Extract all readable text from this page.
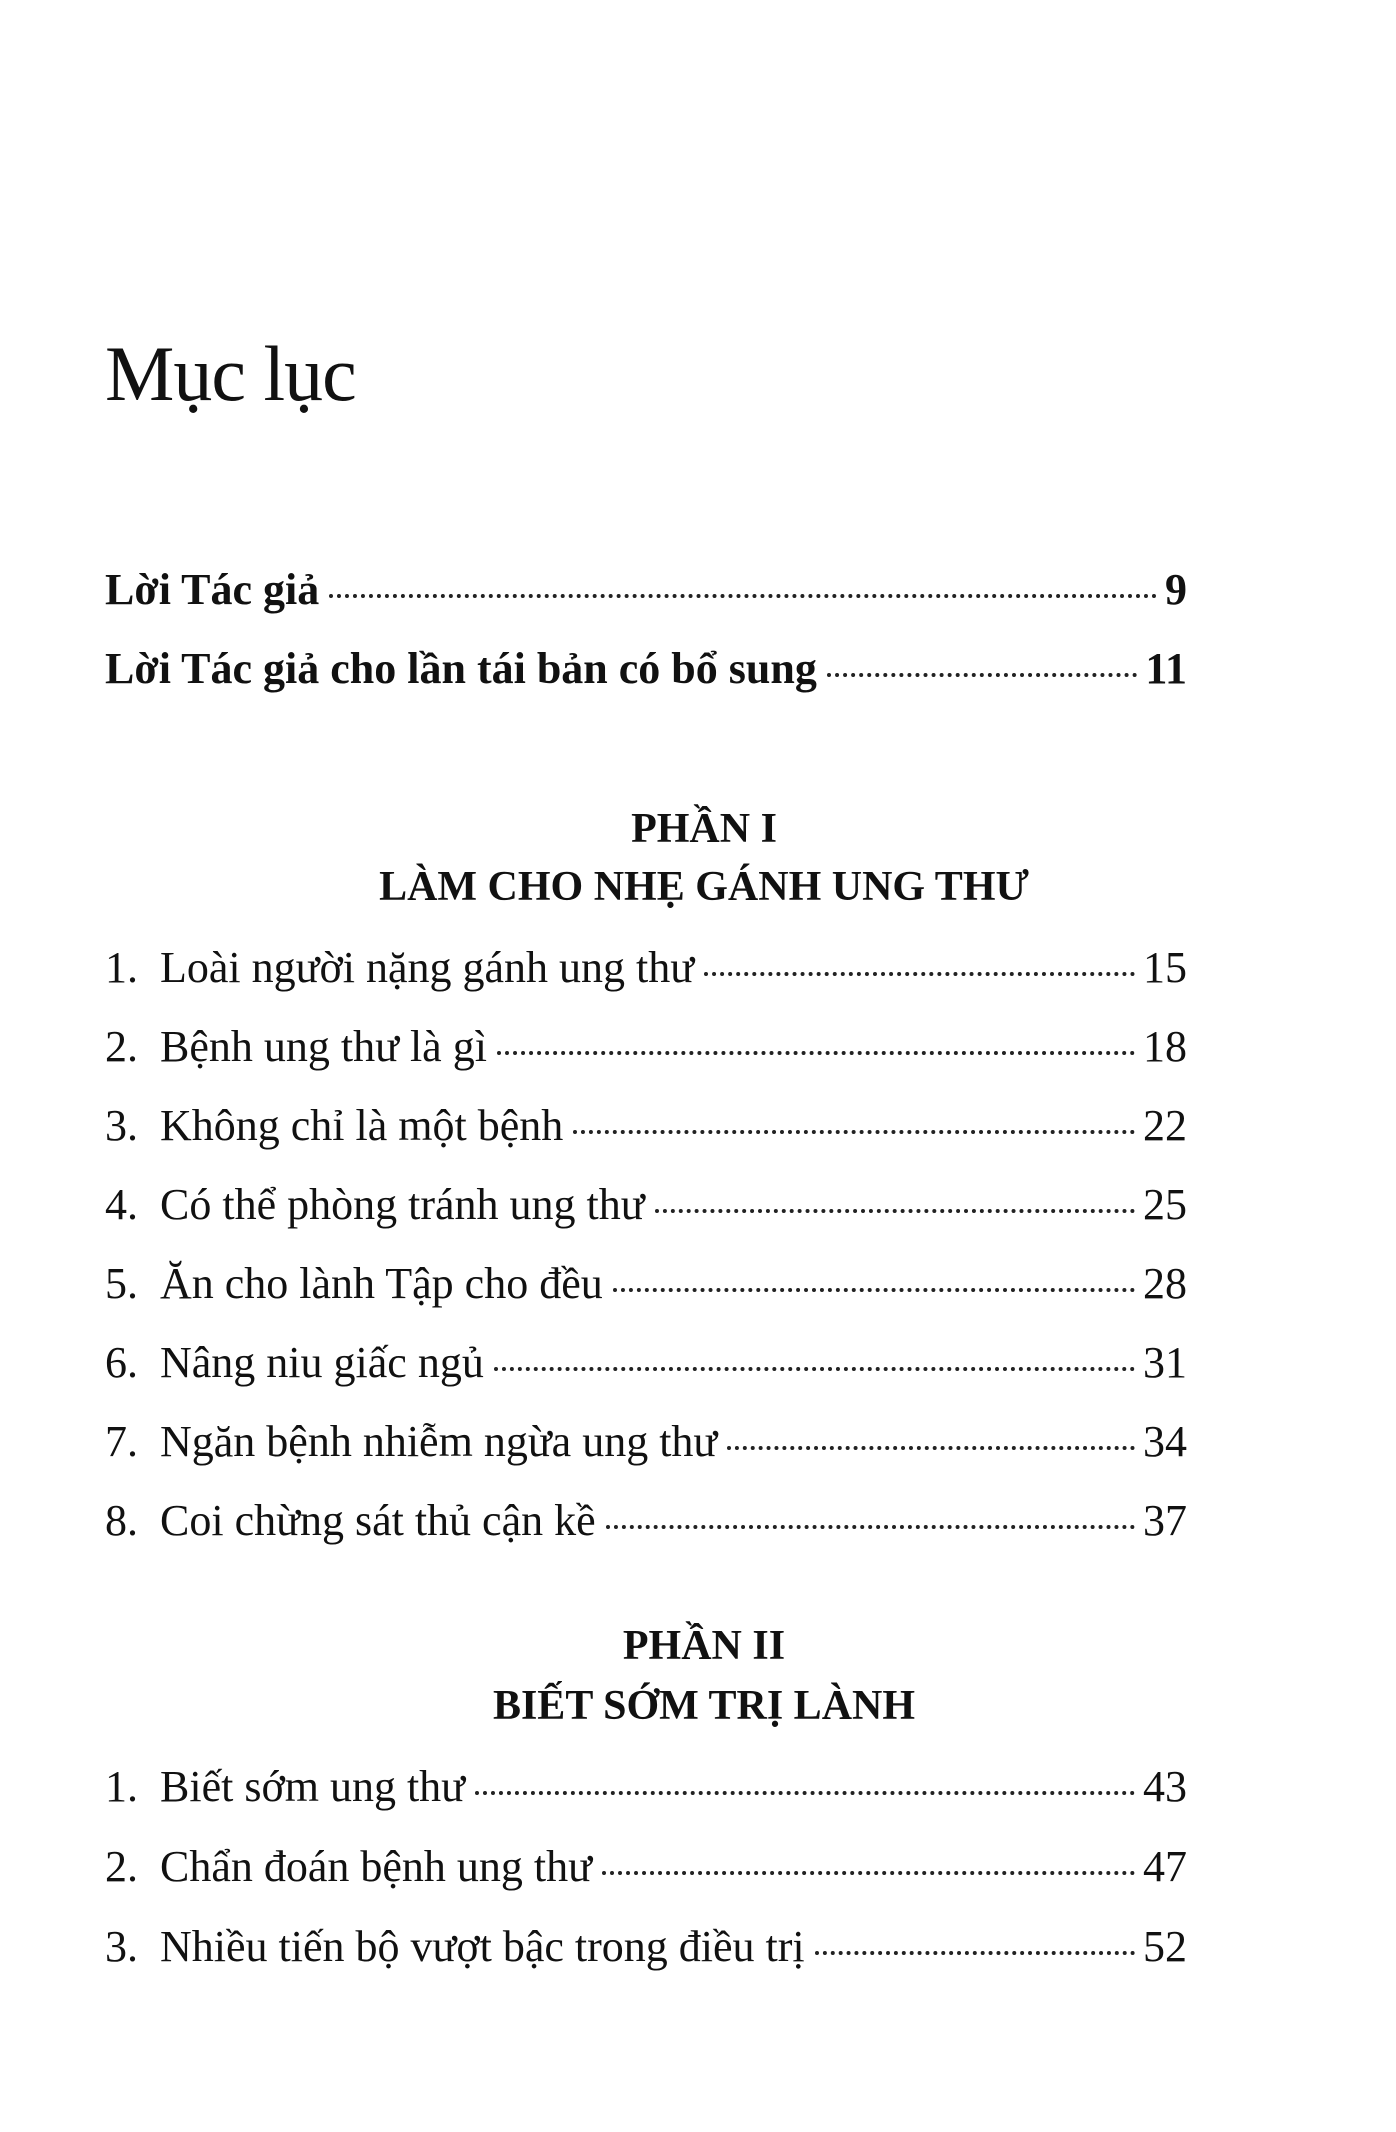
Mục lục
Lời Tác giả	9
Lời Tác giả cho lần tái bản có bổ sung	11
PHẦN I
LÀM CHO NHẸ GÁNH UNG THƯ
1. Loài người nặng gánh ung thư	15
2. Bệnh ung thư là gì	18
3. Không chỉ là một bệnh	22
4. Có thể phòng tránh ung thư	25
5. Ăn cho lành Tập cho đều	28
6. Nâng niu giấc ngủ	31
7. Ngăn bệnh nhiễm ngừa ung thư	34
8. Coi chừng sát thủ cận kề	37
PHẦN II
BIẾT SỚM TRỊ LÀNH
1. Biết sớm ung thư	43
2. Chẩn đoán bệnh ung thư	47
3. Nhiều tiến bộ vượt bậc trong điều trị	52
